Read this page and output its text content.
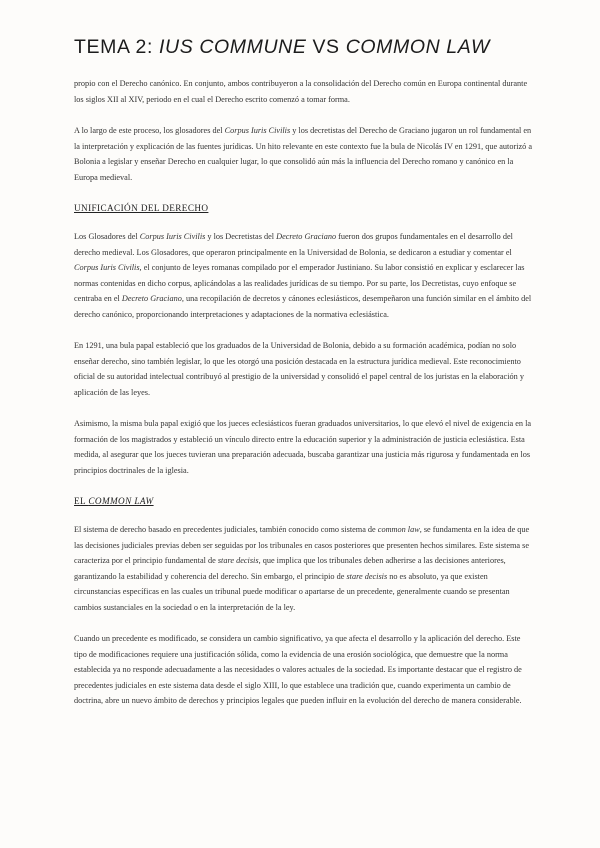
TEMA 2: IUS COMMUNE VS COMMON LAW

propio con el Derecho canónico. En conjunto, ambos contribuyeron a la consolidación del Derecho común en Europa continental durante los siglos XII al XIV, periodo en el cual el Derecho escrito comenzó a tomar forma.

A lo largo de este proceso, los glosadores del Corpus Iuris Civilis y los decretistas del Derecho de Graciano jugaron un rol fundamental en la interpretación y explicación de las fuentes jurídicas. Un hito relevante en este contexto fue la bula de Nicolás IV en 1291, que autorizó a Bolonia a legislar y enseñar Derecho en cualquier lugar, lo que consolidó aún más la influencia del Derecho romano y canónico en la Europa medieval.

UNIFICACIÓN DEL DERECHO

Los Glosadores del Corpus Iuris Civilis y los Decretistas del Decreto Graciano fueron dos grupos fundamentales en el desarrollo del derecho medieval. Los Glosadores, que operaron principalmente en la Universidad de Bolonia, se dedicaron a estudiar y comentar el Corpus Iuris Civilis, el conjunto de leyes romanas compilado por el emperador Justiniano. Su labor consistió en explicar y esclarecer las normas contenidas en dicho corpus, aplicándolas a las realidades jurídicas de su tiempo. Por su parte, los Decretistas, cuyo enfoque se centraba en el Decreto Graciano, una recopilación de decretos y cánones eclesiásticos, desempeñaron una función similar en el ámbito del derecho canónico, proporcionando interpretaciones y adaptaciones de la normativa eclesiástica.

En 1291, una bula papal estableció que los graduados de la Universidad de Bolonia, debido a su formación académica, podían no solo enseñar derecho, sino también legislar, lo que les otorgó una posición destacada en la estructura jurídica medieval. Este reconocimiento oficial de su autoridad intelectual contribuyó al prestigio de la universidad y consolidó el papel central de los juristas en la elaboración y aplicación de las leyes.

Asimismo, la misma bula papal exigió que los jueces eclesiásticos fueran graduados universitarios, lo que elevó el nivel de exigencia en la formación de los magistrados y estableció un vínculo directo entre la educación superior y la administración de justicia eclesiástica. Esta medida, al asegurar que los jueces tuvieran una preparación adecuada, buscaba garantizar una justicia más rigurosa y fundamentada en los principios doctrinales de la iglesia.

EL COMMON LAW

El sistema de derecho basado en precedentes judiciales, también conocido como sistema de common law, se fundamenta en la idea de que las decisiones judiciales previas deben ser seguidas por los tribunales en casos posteriores que presenten hechos similares. Este sistema se caracteriza por el principio fundamental de stare decisis, que implica que los tribunales deben adherirse a las decisiones anteriores, garantizando la estabilidad y coherencia del derecho. Sin embargo, el principio de stare decisis no es absoluto, ya que existen circunstancias específicas en las cuales un tribunal puede modificar o apartarse de un precedente, generalmente cuando se presentan cambios sustanciales en la sociedad o en la interpretación de la ley.

Cuando un precedente es modificado, se considera un cambio significativo, ya que afecta el desarrollo y la aplicación del derecho. Este tipo de modificaciones requiere una justificación sólida, como la evidencia de una erosión sociológica, que demuestre que la norma establecida ya no responde adecuadamente a las necesidades o valores actuales de la sociedad. Es importante destacar que el registro de precedentes judiciales en este sistema data desde el siglo XIII, lo que establece una tradición que, cuando experimenta un cambio de doctrina, abre un nuevo ámbito de derechos y principios legales que pueden influir en la evolución del derecho de manera considerable.
